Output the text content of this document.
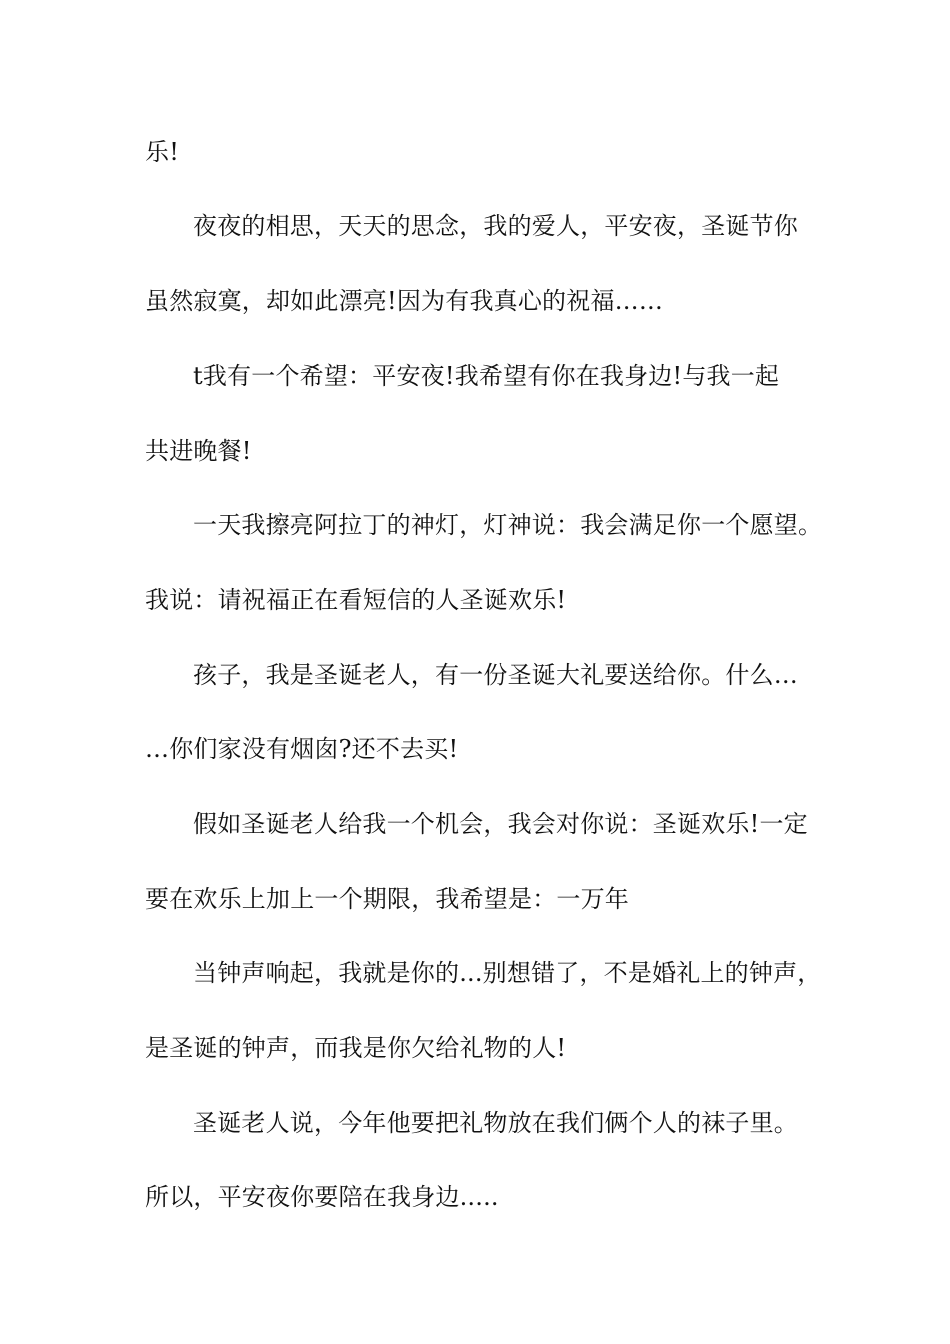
乐!
夜夜的相思，天天的思念，我的爱人，平安夜，圣诞节你
虽然寂寞，却如此漂亮!因为有我真心的祝福……
t我有一个希望：平安夜!我希望有你在我身边!与我一起
共进晚餐!
一天我擦亮阿拉丁的神灯，灯神说：我会满足你一个愿望。
我说：请祝福正在看短信的人圣诞欢乐!
孩子，我是圣诞老人，有一份圣诞大礼要送给你。什么…
…你们家没有烟囱?还不去买!
假如圣诞老人给我一个机会，我会对你说：圣诞欢乐!一定
要在欢乐上加上一个期限，我希望是：一万年
当钟声响起，我就是你的...别想错了，不是婚礼上的钟声，
是圣诞的钟声，而我是你欠给礼物的人!
圣诞老人说，今年他要把礼物放在我们俩个人的袜子里。
所以，平安夜你要陪在我身边.....
